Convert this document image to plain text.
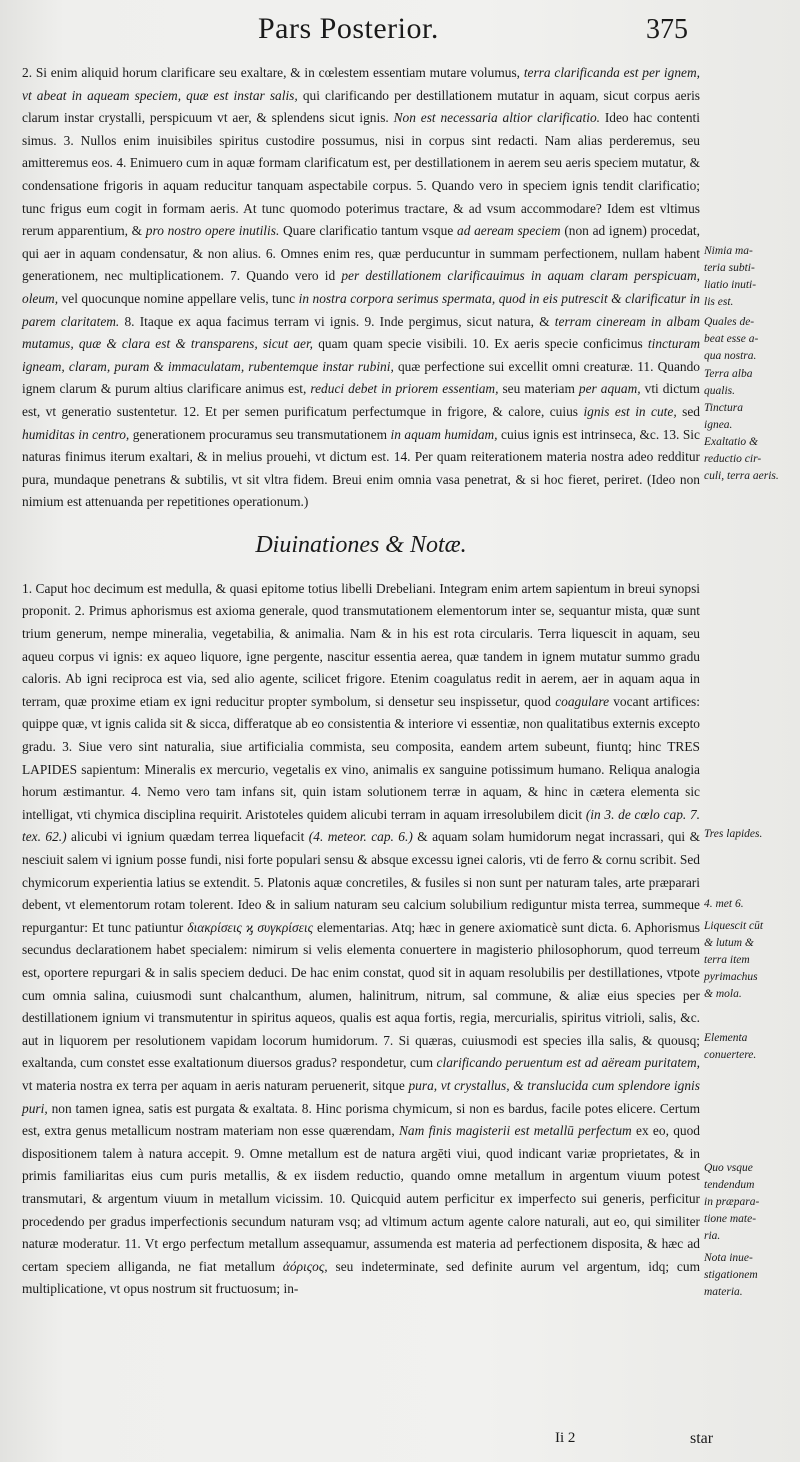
Pars Posterior.	375

2. Si enim aliquid horum clarificare seu exaltare, & in cœlestem essentiam mutare volumus, terra clarificanda est per ignem, vt abeat in aqueam speciem, quæ est instar salis, qui clarificando per destillationem mutatur in aquam, sicut corpus aeris clarum instar crystalli, perspicuum vt aer, & splendens sicut ignis. Non est necessaria altior clarificatio. Ideo hac contenti simus. 3. Nullos enim inuisibiles spiritus custodire possumus, nisi in corpus sint redacti. Nam alias perderemus, seu amitteremus eos. 4. Enimuero cum in aquæ formam clarificatum est, per destillationem in aerem seu aeris speciem mutatur, & condensatione frigoris in aquam reducitur tanquam aspectabile corpus. 5. Quando vero in speciem ignis tendit clarificatio; tunc frigus eum cogit in formam aeris. At tunc quomodo poterimus tractare, & ad vsum accommodare? Idem est vltimus rerum apparentium, & pro nostro opere inutilis. Quare clarificatio tantum vsque ad aeream speciem (non ad ignem) procedat, qui aer in aquam condensatur, & non alius. 6. Omnes enim res, quæ perducuntur in summam perfectionem, nullam habent generationem, nec multiplicationem. 7. Quando vero id per destillationem clarificauimus in aquam claram perspicuam, oleum, vel quocunque nomine appellare velis, tunc in nostra corpora serimus spermata, quod in eis putrescit & clarificatur in parem claritatem. 8. Itaque ex aqua facimus terram vi ignis. 9. Inde pergimus, sicut natura, & terram cineream in albam mutamus, quæ & clara est & transparens, sicut aer, quam quam specie visibili. 10. Ex aeris specie conficimus tincturam igneam, claram, puram & immaculatam, rubentemque instar rubini, quæ perfectione sui excellit omni creaturæ. 11. Quando ignem clarum & purum altius clarificare animus est, reduci debet in priorem essentiam, seu materiam per aquam, vti dictum est, vt generatio sustentetur. 12. Et per semen purificatum perfectumque in frigore, & calore, cuius ignis est in cute, sed humiditas in centro, generationem procuramus seu transmutationem in aquam humidam, cuius ignis est intrinseca, &c. 13. Sic naturas finimus iterum exaltari, & in melius prouehi, vt dictum est. 14. Per quam reiterationem materia nostra adeo redditur pura, mundaque penetrans & subtilis, vt sit vltra fidem. Breui enim omnia vasa penetrat, & si hoc fieret, periret. (Ideo non nimium est attenuanda per repetitiones operationum.)

Diuinationes & Notæ.

1. Caput hoc decimum est medulla, & quasi epitome totius libelli Drebeliani. Integram enim artem sapientum in breui synopsi proponit. 2. Primus aphorismus est axioma generale, quod transmutationem elementorum inter se, sequantur mista, quæ sunt trium generum, nempe mineralia, vegetabilia, & animalia. Nam & in his est rota circularis. Terra liquescit in aquam, seu aqueu corpus vi ignis: ex aqueo liquore, igne pergente, nascitur essentia aerea, quæ tandem in ignem mutatur summo gradu caloris. Ab igni reciproca est via, sed alio agente, scilicet frigore. Etenim coagulatus redit in aerem, aer in aquam aqua in terram, quæ proxime etiam ex igni reducitur propter symbolum, si densetur seu inspissetur, quod coagulare vocant artifices: quippe quæ, vt ignis calida sit & sicca, differatque ab eo consistentia & interiore vi essentiæ, non qualitatibus externis excepto gradu. 3. Siue vero sint naturalia, siue artificialia commista, seu composita, eandem artem subeunt, fiuntq; hinc TRES LAPIDES sapientum: Mineralis ex mercurio, vegetalis ex vino, animalis ex sanguine potissimum humano. Reliqua analogia horum æstimantur. 4. Nemo vero tam infans sit, quin istam solutionem terræ in aquam, & hinc in cætera elementa sic intelligat, vti chymica disciplina requirit. Aristoteles quidem alicubi terram in aquam irresolubilem dicit (in 3. de cœlo cap. 7. tex. 62.) alicubi vi ignium quædam terrea liquefacit (4. meteor. cap. 6.) & aquam solam humidorum negat incrassari, qui & nesciuit salem vi ignium posse fundi, nisi forte populari sensu & absque excessu ignei caloris, vti de ferro & cornu scribit. Sed chymicorum experientia latius se extendit. 5. Platonis aquæ concretiles, & fusiles si non sunt per naturam tales, arte præparari debent, vt elementorum rotam tolerent. Ideo & in salium naturam seu calcium solubilium rediguntur mista terrea, summeque repurgantur: Et tunc patiuntur διακρίσεις ϗ συγκρίσεις elementarias. Atq; hæc in genere axiomaticè sunt dicta. 6. Aphorismus secundus declarationem habet specialem: nimirum si velis elementa conuertere in magisterio philosophorum, quod terreum est, oportere repurgari & in salis speciem deduci. De hac enim constat, quod sit in aquam resolubilis per destillationes, vtpote cum omnia salina, cuiusmodi sunt chalcanthum, alumen, halinitrum, nitrum, sal commune, & aliæ eius species per destillationem ignium vi transmutentur in spiritus aqueos, qualis est aqua fortis, regia, mercurialis, spiritus vitrioli, salis, &c. aut in liquorem per resolutionem vapidam locorum humidorum. 7. Si quæras, cuiusmodi est species illa salis, & quousq; exaltanda, cum constet esse exaltationum diuersos gradus? respondetur, cum clarificando peruentum est ad aëream puritatem, vt materia nostra ex terra per aquam in aeris naturam peruenerit, sitque pura, vt crystallus, & translucida cum splendore ignis puri, non tamen ignea, satis est purgata & exaltata. 8. Hinc porisma chymicum, si non es bardus, facile potes elicere. Certum est, extra genus metallicum nostram materiam non esse quærendam, Nam finis magisterii est metallū perfectum ex eo, quod dispositionem talem à natura accepit. 9. Omne metallum est de natura argēti viui, quod indicant variæ proprietates, & in primis familiaritas eius cum puris metallis, & ex iisdem reductio, quando omne metallum in argentum viuum potest transmutari, & argentum viuum in metallum vicissim. 10. Quicquid autem perficitur ex imperfecto sui generis, perficitur procedendo per gradus imperfectionis secundum naturam vsq; ad vltimum actum agente calore naturali, aut eo, qui similiter naturæ moderatur. 11. Vt ergo perfectum metallum assequamur, assumenda est materia ad perfectionem disposita, & hæc ad certam speciem alliganda, ne fiat metallum ἀόριςος, seu indeterminate, sed definite aurum vel argentum, idq; cum multiplicatione, vt opus nostrum sit fructuosum; in-

Nimia ma-
teria subti-
liatio inuti-
lis est.
Quales de-
beat esse a-
qua nostra.
Terra alba
qualis.
Tinctura
ignea.
Exaltatio &
reductio cir-
culi, terra aeris.
Tres lapides.
4. met 6.
Liquescit cūt
& lutum &
terra item
pyrimachus
& mola.
Elementa
conuertere.
Quo vsque
tendendum
in præpara-
tione mate-
ria.
Nota inue-
stigationem
materia.
Ii 2	star
